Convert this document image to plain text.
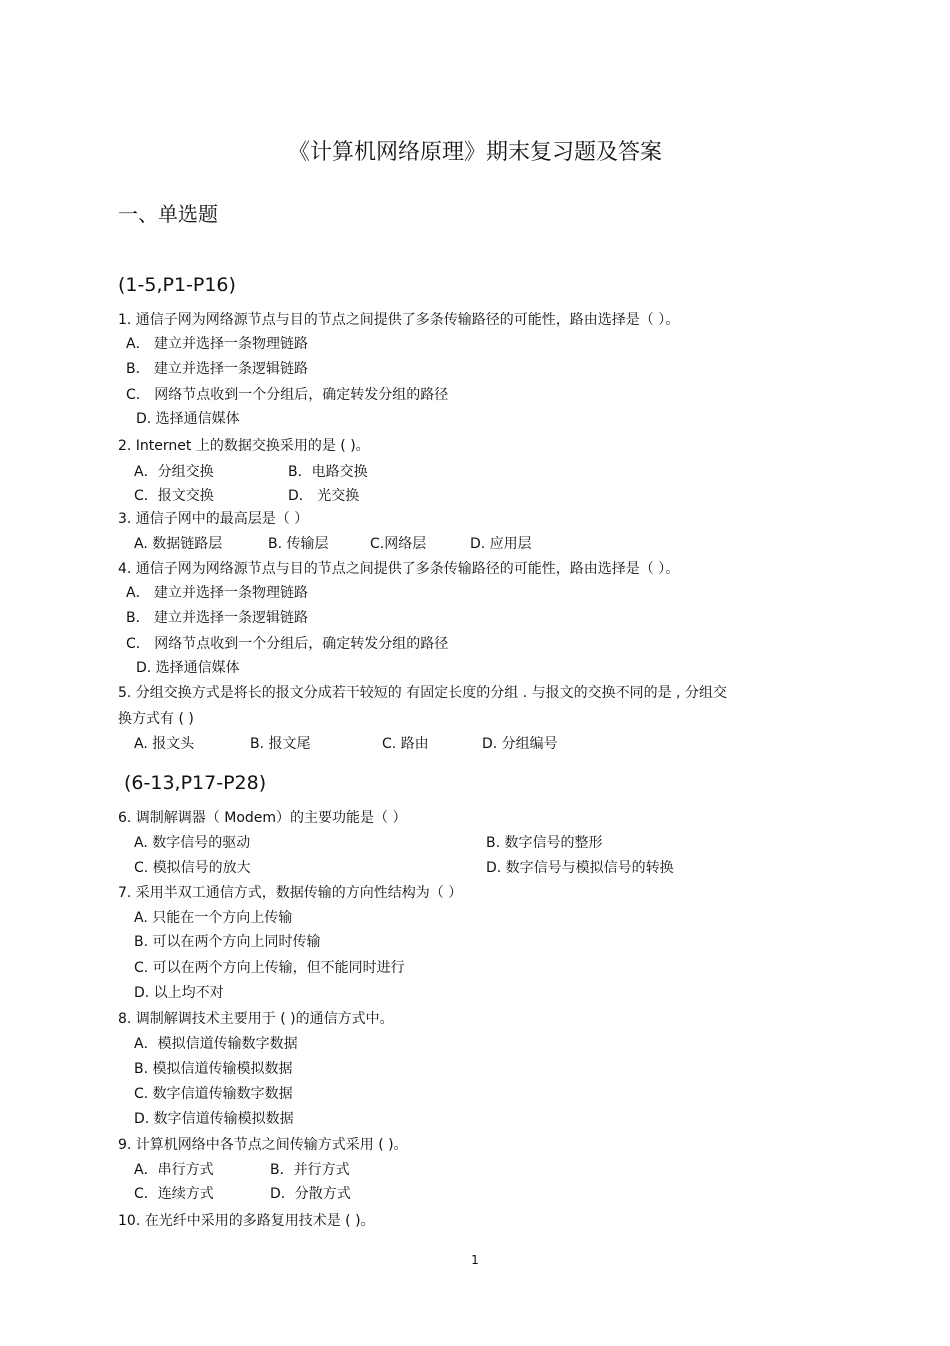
《计算机网络原理》期末复习题及答案
一、单选题
(1-5,P1-P16)
1. 通信子网为网络源节点与目的节点之间提供了多条传输路径的可能性，路由选择是（ ）。
A． 建立并选择一条物理链路
B． 建立并选择一条逻辑链路
C． 网络节点收到一个分组后，确定转发分组的路径
D. 选择通信媒体
2. Internet 上的数据交换采用的是 ( )。
A．分组交换	B．电路交换
C．报文交换	D． 光交换
3. 通信子网中的最高层是（ ）
A. 数据链路层	B. 传输层	C.网络层	D. 应用层
4. 通信子网为网络源节点与目的节点之间提供了多条传输路径的可能性，路由选择是（ ）。
A． 建立并选择一条物理链路
B． 建立并选择一条逻辑链路
C． 网络节点收到一个分组后，确定转发分组的路径
D. 选择通信媒体
5. 分组交换方式是将长的报文分成若干较短的 有固定长度的分组 . 与报文的交换不同的是 , 分组交
换方式有 ( )
A. 报文头	B. 报文尾	C. 路由	D. 分组编号
(6-13,P17-P28)
6. 调制解调器（ Modem）的主要功能是（ ）
A. 数字信号的驱动	B. 数字信号的整形
C. 模拟信号的放大	D. 数字信号与模拟信号的转换
7. 采用半双工通信方式，数据传输的方向性结构为（ ）
A. 只能在一个方向上传输
B. 可以在两个方向上同时传输
C. 可以在两个方向上传输，但不能同时进行
D. 以上均不对
8. 调制解调技术主要用于 ( )的通信方式中。
A．模拟信道传输数字数据
B. 模拟信道传输模拟数据
C. 数字信道传输数字数据
D. 数字信道传输模拟数据
9. 计算机网络中各节点之间传输方式采用 ( )。
A．串行方式	B．并行方式
C．连续方式	D．分散方式
10. 在光纤中采用的多路复用技术是 ( )。
1
